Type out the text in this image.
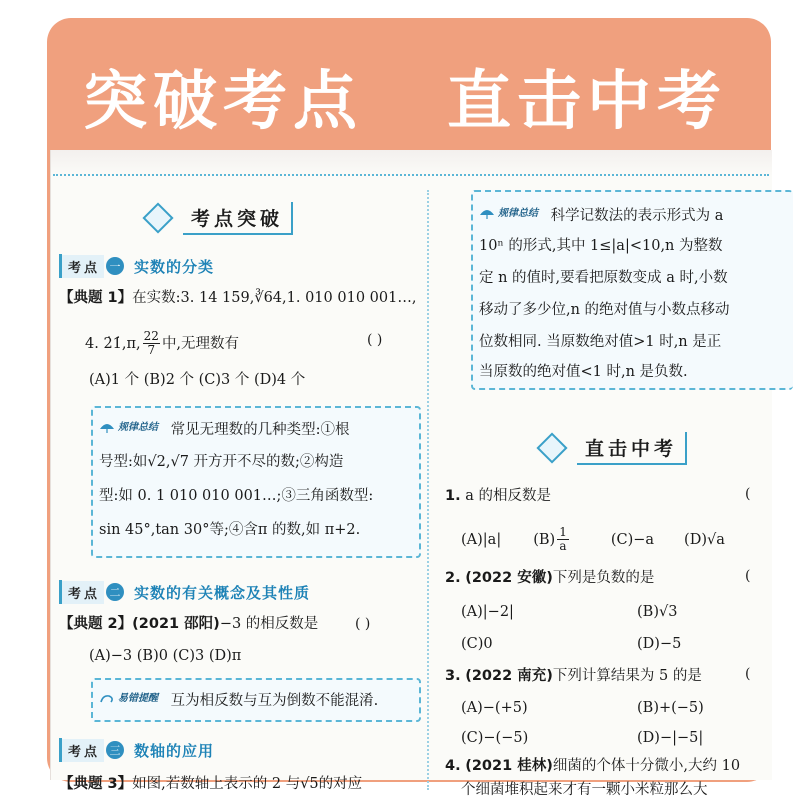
突破考点 直击中考
考点突破
考点 一 实数的分类
【典题 1】在实数:3. 14 159,∛64,1. 010 010 001…,
4. 2̇1̇,π, 22
7 中,无理数有	( )
(A)1 个 (B)2 个 (C)3 个 (D)4 个
规律总结 常见无理数的几种类型:①根
号型:如√2,√7 开方开不尽的数;②构造
型:如 0. 1 010 010 001…;③三角函数型:
sin 45°,tan 30°等;④含π 的数,如 π+2.
考点 二 实数的有关概念及其性质
【典题 2】(2021 邵阳)−3 的相反数是	( )
(A)−3 (B)0 (C)3 (D)π
易错提醒 互为相反数与互为倒数不能混淆.
考点 三 数轴的应用
【典题 3】如图,若数轴上表示的 2 与√5的对应
规律总结 科学记数法的表示形式为 a
10ⁿ 的形式,其中 1≤|a|<10,n 为整数
定 n 的值时,要看把原数变成 a 时,小数
移动了多少位,n 的绝对值与小数点移动
位数相同. 当原数绝对值>1 时,n 是正
当原数的绝对值<1 时,n 是负数.
直击中考
1. a 的相反数是	(
(A)|a| (B) 1
a	(C)−a (D)√a
2. (2022 安徽)下列是负数的是	(
(A)|−2|	(B)√3
(C)0	(D)−5
3. (2022 南充)下列计算结果为 5 的是	(
(A)−(+5)	(B)+(−5)
(C)−(−5)	(D)−|−5|
4. (2021 桂林)细菌的个体十分微小,大约 10
个细菌堆积起来才有一颗小米粒那么大
